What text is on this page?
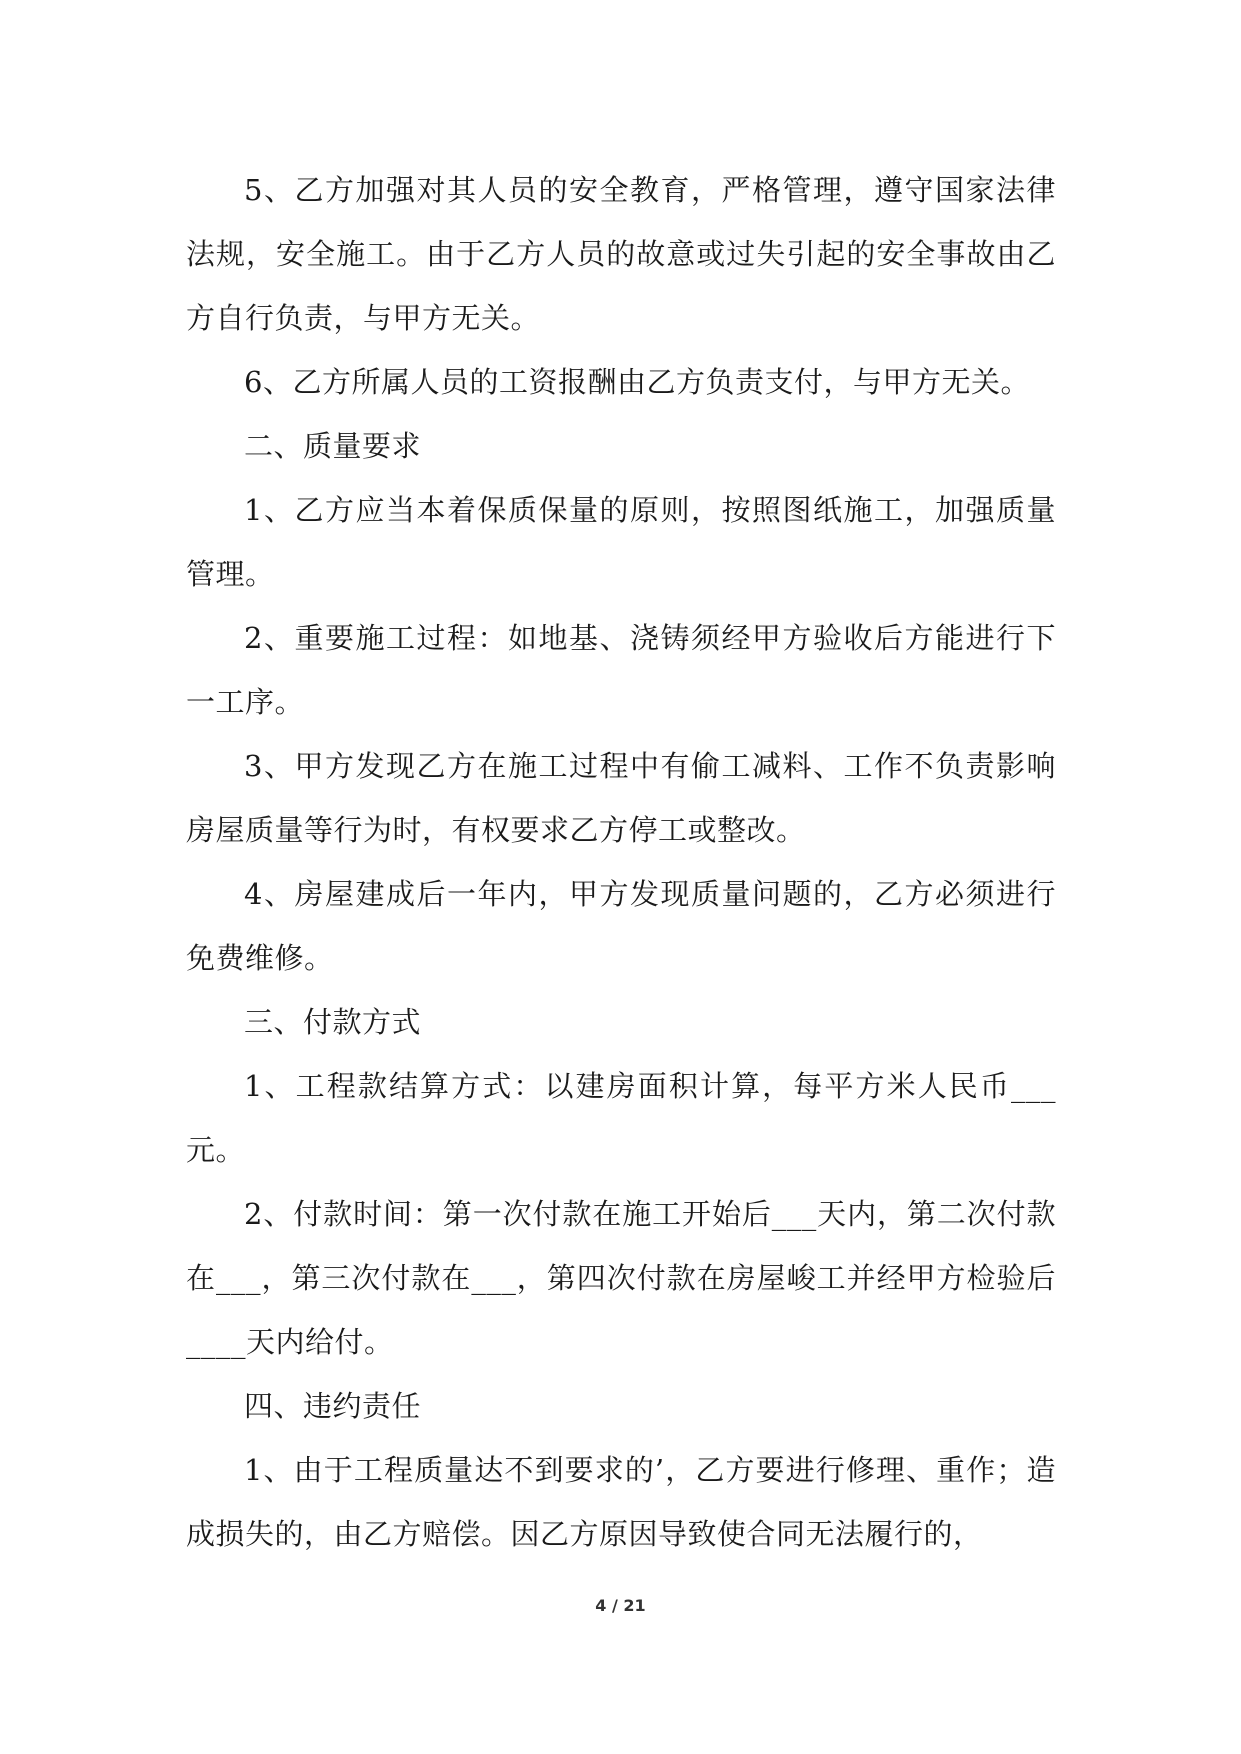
5、乙方加强对其人员的安全教育，严格管理，遵守国家法律法规，安全施工。由于乙方人员的故意或过失引起的安全事故由乙方自行负责，与甲方无关。

6、乙方所属人员的工资报酬由乙方负责支付，与甲方无关。

二、质量要求

1、乙方应当本着保质保量的原则，按照图纸施工，加强质量管理。

2、重要施工过程：如地基、浇铸须经甲方验收后方能进行下一工序。

3、甲方发现乙方在施工过程中有偷工减料、工作不负责影响房屋质量等行为时，有权要求乙方停工或整改。

4、房屋建成后一年内，甲方发现质量问题的，乙方必须进行免费维修。

三、付款方式

1、工程款结算方式：以建房面积计算，每平方米人民币___元。

2、付款时间：第一次付款在施工开始后___天内，第二次付款在___，第三次付款在___，第四次付款在房屋峻工并经甲方检验后____天内给付。

四、违约责任

1、由于工程质量达不到要求的’，乙方要进行修理、重作；造成损失的，由乙方赔偿。因乙方原因导致使合同无法履行的，

4 / 21
